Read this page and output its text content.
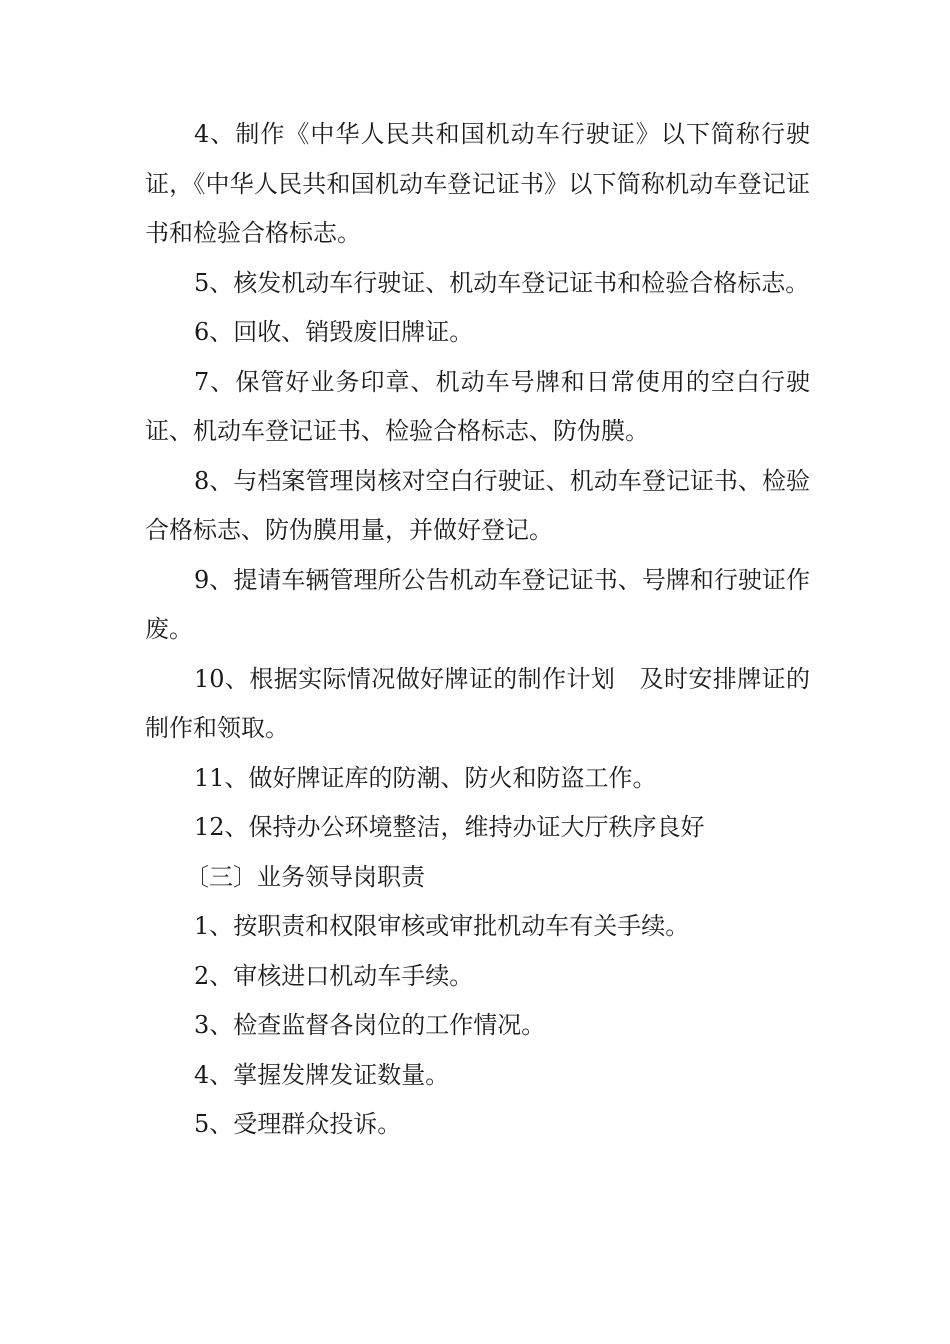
4、制作《中华人民共和国机动车行驶证》以下简称行驶证，《中华人民共和国机动车登记证书》以下简称机动车登记证书和检验合格标志。

5、核发机动车行驶证、机动车登记证书和检验合格标志。

6、回收、销毁废旧牌证。

7、保管好业务印章、机动车号牌和日常使用的空白行驶证、机动车登记证书、检验合格标志、防伪膜。

8、与档案管理岗核对空白行驶证、机动车登记证书、检验合格标志、防伪膜用量，并做好登记。

9、提请车辆管理所公告机动车登记证书、号牌和行驶证作废。

10、根据实际情况做好牌证的制作计划　及时安排牌证的制作和领取。

11、做好牌证库的防潮、防火和防盗工作。

12、保持办公环境整洁，维持办证大厅秩序良好

〔三〕业务领导岗职责

1、按职责和权限审核或审批机动车有关手续。

2、审核进口机动车手续。

3、检查监督各岗位的工作情况。

4、掌握发牌发证数量。

5、受理群众投诉。
